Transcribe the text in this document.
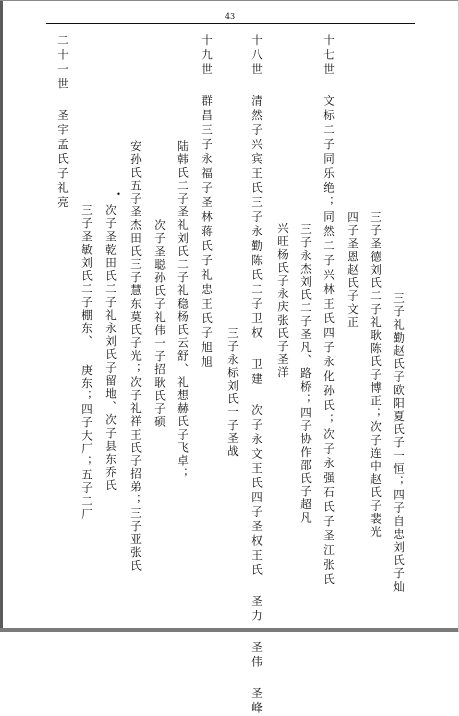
43
三子礼勤赵氏子欧阳夏氏子一恒；四子自忠刘氏子灿
三子圣德刘氏二子礼耿陈氏子博正；次子连中赵氏子裴光
四子圣恩赵氏子文正
十七世 文标二子同乐绝；同然二子兴林王氏四子永化孙氏；次子永强石氏子圣江张氏
三子永杰刘氏二子圣凡、路桥；四子协作邵氏子超凡
兴旺杨氏子永庆张氏子圣洋
十八世 清然子兴宾王氏三子永勤陈氏二子卫权 卫建 次子永文王氏四子圣权王氏 圣力 圣伟 圣峰
三子永标刘氏一子圣战
十九世 群昌三子永福子圣林蒋氏子礼忠王氏子旭旭
陆韩氏二子圣礼刘氏二子礼稳杨氏云舒、礼想赫氏子飞卓；
次子圣聪孙氏子礼伟一子招耿氏子硕
安孙氏五子圣杰田氏三子慧东莫氏子光；次子礼祥王氏子招弟；三子亚张氏
•
次子圣乾田氏二子礼永刘氏子留地、次子县东乔氏
三子圣敏刘氏二子棚东、 庚东；四子大厂；五子二厂
二十一世 圣宇孟氏子礼亮
